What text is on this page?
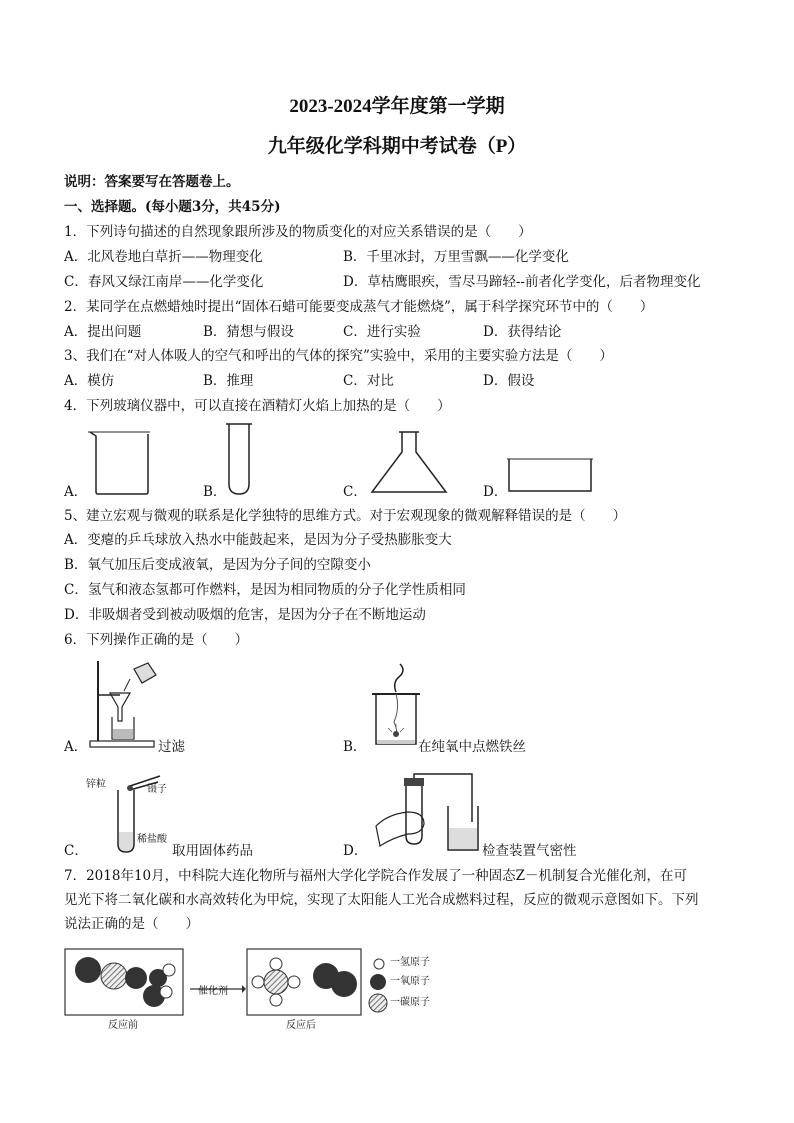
2023-2024学年度第一学期
九年级化学科期中考试卷（P）
说明：答案要写在答题卷上。
一、选择题。(每小题3分，共45分)
1．下列诗句描述的自然现象跟所涉及的物质变化的对应关系错误的是（　　）
A．北风卷地白草折——物理变化	B．千里冰封，万里雪飘——化学变化
C．春风又绿江南岸——化学变化	D．草枯鹰眼疾，雪尽马蹄轻--前者化学变化，后者物理变化
2．某同学在点燃蜡烛时提出“固体石蜡可能要变成蒸气才能燃烧”，属于科学探究环节中的（　　）
A．提出问题	B．猜想与假设	C．进行实验	D．获得结论
3、我们在“对人体吸人的空气和呼出的气体的探究”实验中，采用的主要实验方法是（　　）
A．模仿	B．推理	C．对比	D．假设
4．下列玻璃仪器中，可以直接在酒精灯火焰上加热的是（　　）
A．	B．	C．	D．
5、建立宏观与微观的联系是化学独特的思维方式。对于宏观现象的微观解释错误的是（　　）
A．变瘪的乒乓球放入热水中能鼓起来，是因为分子受热膨胀变大
B．氧气加压后变成液氧，是因为分子间的空隙变小
C．氢气和液态氢都可作燃料，是因为相同物质的分子化学性质相同
D．非吸烟者受到被动吸烟的危害，是因为分子在不断地运动
6．下列操作正确的是（　　）
A．	过滤	B．	在纯氧中点燃铁丝
锌粒	镊子
稀盐酸
C．	取用固体药品	D．	检查装置气密性
7．2018年10月，中科院大连化物所与福州大学化学院合作发展了一种固态Z－机制复合光催化剂，在可
见光下将二氧化碳和水高效转化为甲烷，实现了太阳能人工光合成燃料过程，反应的微观示意图如下。下列
说法正确的是（　　）
反应前
催化剂
反应后
一氢原子
一氧原子
一碳原子
